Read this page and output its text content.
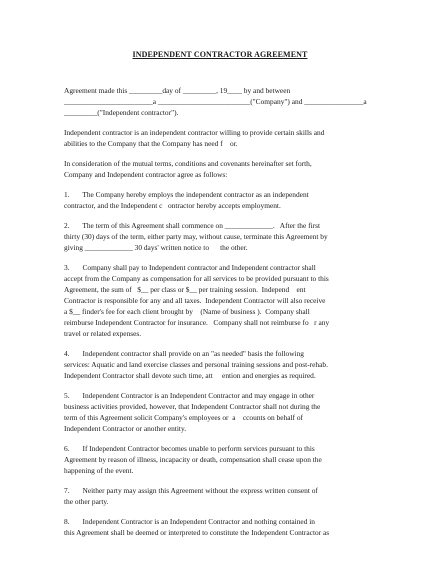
INDEPENDENT CONTRACTOR AGREEMENT
Agreement made this _________day of _________, 19____ by and between
________________________a _________________________("Company") and ________________a
_________("Independent contractor").
Independent contractor is an independent contractor willing to provide certain skills and
abilities to the Company that the Company has need f    or.
In consideration of the mutual terms, conditions and covenants hereinafter set forth,
Company and Independent contractor agree as follows:
1.       The Company hereby employs the independent contractor as an independent
contractor, and the Independent c   ontractor hereby accepts employment.
2.       The term of this Agreement shall commence on _____________.   After the first
thirty (30) days of the term, either party may, without cause, terminate this Agreement by
giving _____________ 30 days' written notice to      the other.
3.       Company shall pay to Independent contractor and Independent contractor shall
accept from the Company as compensation for all services to be provided pursuant to this
Agreement, the sum of   $__ per class or $__ per training session.  Independ    ent
Contractor is responsible for any and all taxes.  Independent Contractor will also receive
a $__ finder's fee for each client brought by    (Name of business ).  Company shall
reimburse Independent Contractor for insurance.   Company shall not reimburse fo   r any
travel or related expenses.
4.       Independent contractor shall provide on an "as needed" basis the following
services: Aquatic and land exercise classes and personal training sessions and post-rehab.
Independent Contractor shall devote such time, att     ention and energies as required.
5.       Independent Contractor is an Independent Contractor and may engage in other
business activities provided, however, that Independent Contractor shall not during the
term of this Agreement solicit Company's employees or  a    ccounts on behalf of
Independent Contractor or another entity.
6.       If Independent Contractor becomes unable to perform services pursuant to this
Agreement by reason of illness, incapacity or death, compensation shall cease upon the
happening of the event.
7.       Neither party may assign this Agreement without the express written consent of
the other party.
8.       Independent Contractor is an Independent Contractor and nothing contained in
this Agreement shall be deemed or interpreted to constitute the Independent Contractor as
